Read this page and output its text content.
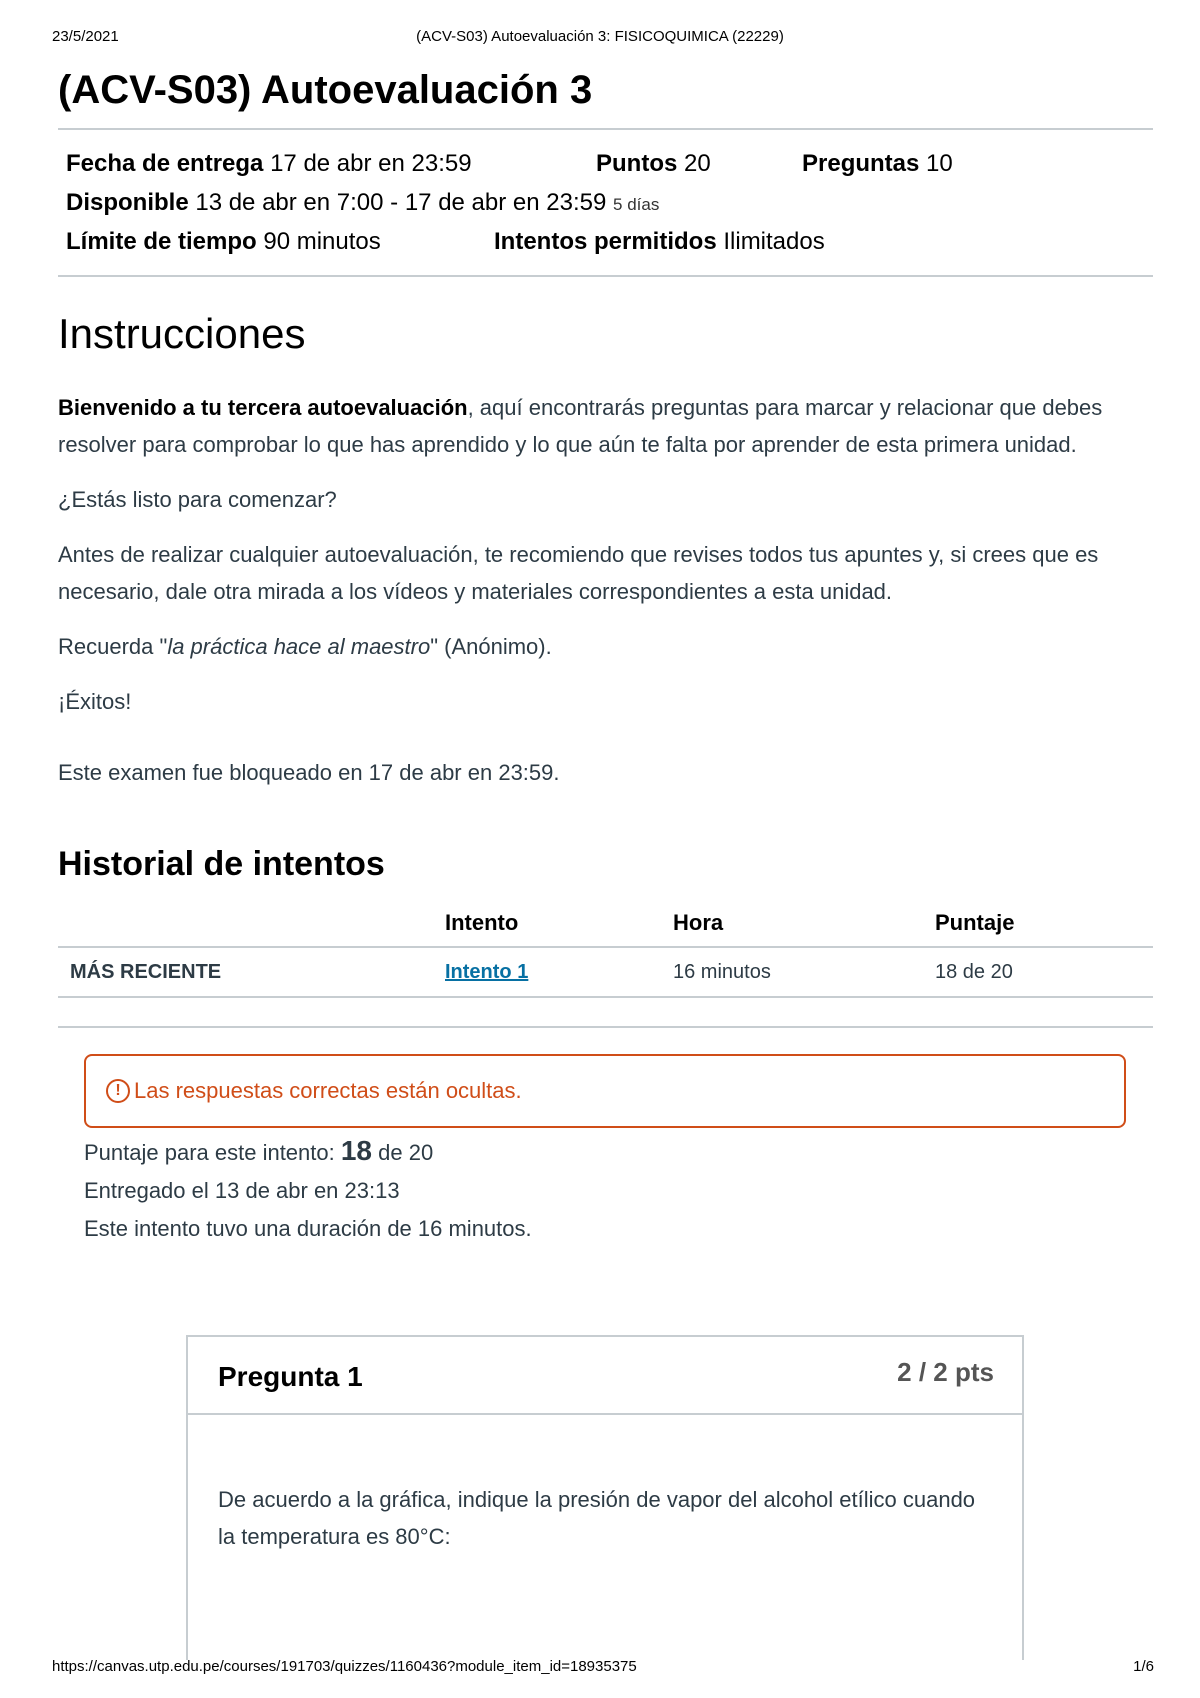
23/5/2021	(ACV-S03) Autoevaluación 3: FISICOQUIMICA (22229)
(ACV-S03) Autoevaluación 3
Fecha de entrega 17 de abr en 23:59	Puntos 20	Preguntas 10
Disponible 13 de abr en 7:00 - 17 de abr en 23:59 5 días
Límite de tiempo 90 minutos	Intentos permitidos Ilimitados
Instrucciones

Bienvenido a tu tercera autoevaluación, aquí encontrarás preguntas para marcar y relacionar que debes resolver para comprobar lo que has aprendido y lo que aún te falta por aprender de esta primera unidad.

¿Estás listo para comenzar?

Antes de realizar cualquier autoevaluación, te recomiendo que revises todos tus apuntes y, si crees que es necesario, dale otra mirada a los vídeos y materiales correspondientes a esta unidad.

Recuerda "la práctica hace al maestro" (Anónimo).

¡Éxitos!

Este examen fue bloqueado en 17 de abr en 23:59.
Historial de intentos
	Intento	Hora	Puntaje
MÁS RECIENTE	Intento 1	16 minutos	18 de 20
! Las respuestas correctas están ocultas.
Puntaje para este intento: 18 de 20
Entregado el 13 de abr en 23:13
Este intento tuvo una duración de 16 minutos.
Pregunta 1	2 / 2 pts
De acuerdo a la gráfica, indique la presión de vapor del alcohol etílico cuando la temperatura es 80°C:
https://canvas.utp.edu.pe/courses/191703/quizzes/1160436?module_item_id=18935375	1/6
